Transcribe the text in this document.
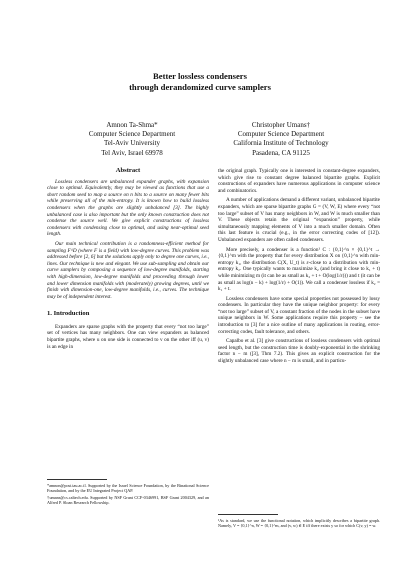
Better lossless condensers
through derandomized curve samplers
Amnon Ta-Shma*
Computer Science Department
Tel-Aviv University
Tel Aviv, Israel 69978
Christopher Umans†
Computer Science Department
California Institute of Technology
Pasadena, CA 91125
Abstract

Lossless condensers are unbalanced expander graphs, with expansion close to optimal. Equivalently, they may be viewed as functions that use a short random seed to map a source on n bits to a source on many fewer bits while preserving all of the min-entropy. It is known how to build lossless condensers when the graphs are slightly unbalanced [3]. The highly unbalanced case is also important but the only known construction does not condense the source well. We give explicit constructions of lossless condensers with condensing close to optimal, and using near-optimal seed length.

Our main technical contribution is a randomness-efficient method for sampling F^D (where F is a field) with low-degree curves. This problem was addressed before [2, 6] but the solutions apply only to degree one curves, i.e., lines. Our technique is new and elegant. We use sub-sampling and obtain our curve samplers by composing a sequence of low-degree manifolds, starting with high-dimension, low-degree manifolds and proceeding through lower and lower dimension manifolds with (moderately) growing degrees, until we finish with dimension-one, low-degree manifolds, i.e., curves. The technique may be of independent interest.

1. Introduction

Expanders are sparse graphs with the property that every “not too large” set of vertices has many neighbors. One can view expanders as balanced bipartite graphs, where u on one side is connected to v on the other iff (u, v) is an edge in

the original graph. Typically one is interested in constant-degree expanders, which give rise to constant degree balanced bipartite graphs. Explicit constructions of expanders have numerous applications in computer science and combinatorics.

A number of applications demand a different variant, unbalanced bipartite expanders, which are sparse bipartite graphs G = (V, W, E) where every “not too large” subset of V has many neighbors in W, and W is much smaller than V. These objects retain the original “expansion” property, while simultaneously mapping elements of V into a much smaller domain. Often this last feature is crucial (e.g., in the error correcting codes of [12]). Unbalanced expanders are often called condensers.

More precisely, a condenser is a function¹ C : {0,1}^n × {0,1}^t → {0,1}^m with the property that for every distribution X on {0,1}^n with min-entropy k₁, the distribution C(X, U_t) is ε-close to a distribution with min-entropy k₂. One typically wants to maximize k₂ (and bring it close to k₁ + t) while minimizing m (it can be as small as k₂ + t + O(log(1/ε))) and t (it can be as small as log(n − k) + log(1/ε) + O(1)). We call a condenser lossless if k₂ = k₁ + t.

Lossless condensers have some special properties not possessed by lossy condensers. In particular they have the unique neighbor property: for every “not too large” subset of V, a constant fraction of the nodes in the subset have unique neighbors in W. Some applications require this property – see the introduction to [3] for a nice outline of many applications in routing, error-correcting codes, fault tolerance, and others.

Capalbo et al. [3] give constructions of lossless condensers with optimal seed length, but the construction time is doubly-exponential in the shrinking factor n − m ([3], Thm 7.2). This gives an explicit construction for the slightly unbalanced case where n − m is small, and in particu-

*amnon@post.tau.ac.il. Supported by the Israel Science Foundation, by the Binational Science Foundation, and by the EU Integrated Project QAP.

†umans@cs.caltech.edu. Supported by NSF Grant CCF-0346991, BSF Grant 2004329, and an Alfred P. Sloan Research Fellowship.

¹As is standard, we use the functional notation, which implicitly describes a bipartite graph. Namely, V = {0,1}^n, W = {0,1}^m, and (v, w) ∈ E iff there exists y so for which C(v, y) = w.
